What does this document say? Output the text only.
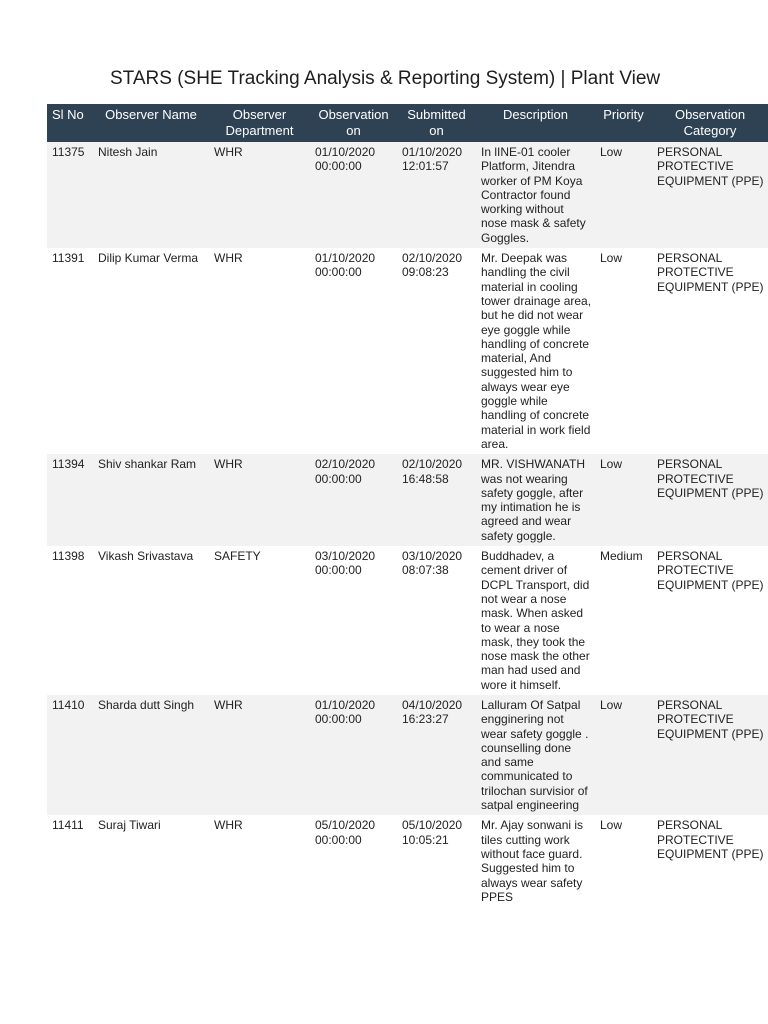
STARS (SHE Tracking Analysis & Reporting System) | Plant View
Sl No	Observer Name	Observer Department	Observation on	Submitted on	Description	Priority	Observation Category
11375	Nitesh Jain	WHR	01/10/2020 00:00:00	01/10/2020 12:01:57	In lINE-01 cooler Platform, Jitendra worker of PM Koya Contractor found working without nose mask & safety Goggles.	Low	PERSONAL PROTECTIVE EQUIPMENT (PPE)
11391	Dilip Kumar Verma	WHR	01/10/2020 00:00:00	02/10/2020 09:08:23	Mr. Deepak was handling the civil material in cooling tower drainage area, but he did not wear eye goggle while handling of concrete material, And suggested him to always wear eye goggle while handling of concrete material in work field area.	Low	PERSONAL PROTECTIVE EQUIPMENT (PPE)
11394	Shiv shankar Ram	WHR	02/10/2020 00:00:00	02/10/2020 16:48:58	MR. VISHWANATH was not wearing safety goggle, after my intimation he is agreed and wear safety goggle.	Low	PERSONAL PROTECTIVE EQUIPMENT (PPE)
11398	Vikash Srivastava	SAFETY	03/10/2020 00:00:00	03/10/2020 08:07:38	Buddhadev, a cement driver of DCPL Transport, did not wear a nose mask. When asked to wear a nose mask, they took the nose mask the other man had used and wore it himself.	Medium	PERSONAL PROTECTIVE EQUIPMENT (PPE)
11410	Sharda dutt Singh	WHR	01/10/2020 00:00:00	04/10/2020 16:23:27	Lalluram Of Satpal engginering not wear safety goggle . counselling done and same communicated to trilochan survisior of satpal engineering	Low	PERSONAL PROTECTIVE EQUIPMENT (PPE)
11411	Suraj Tiwari	WHR	05/10/2020 00:00:00	05/10/2020 10:05:21	Mr. Ajay sonwani is tiles cutting work without face guard. Suggested him to always wear safety PPES	Low	PERSONAL PROTECTIVE EQUIPMENT (PPE)
